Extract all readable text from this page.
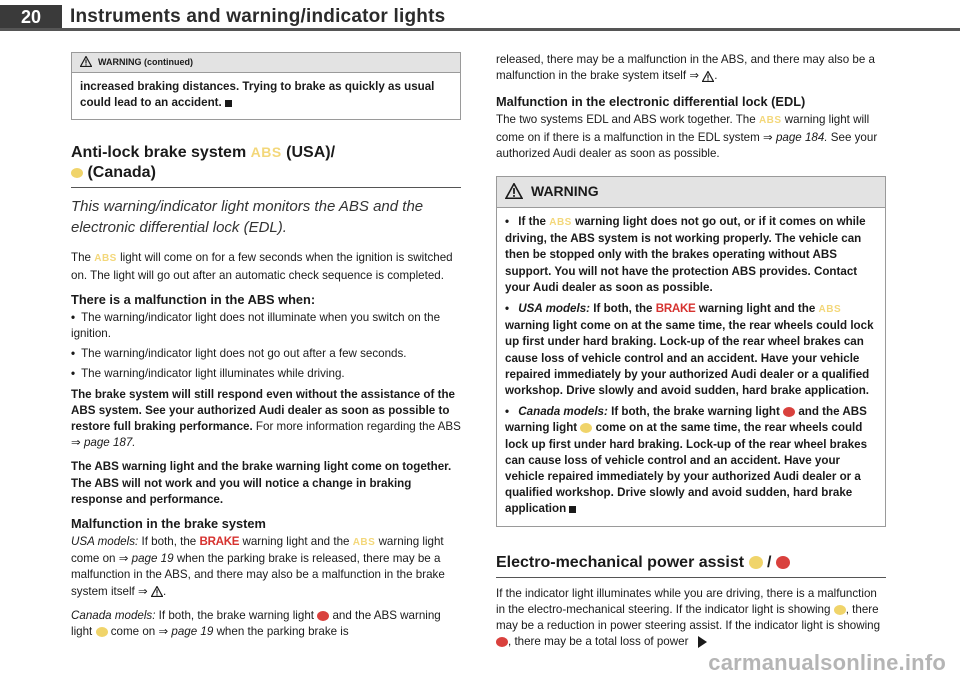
20	Instruments and warning/indicator lights
WARNING (continued)
increased braking distances. Trying to brake as quickly as usual could lead to an accident.
Anti-lock brake system ABS (USA)/
(Canada)

This warning/indicator light monitors the ABS and the electronic differential lock (EDL).

The ABS light will come on for a few seconds when the ignition is switched on. The light will go out after an automatic check sequence is completed.

There is a malfunction in the ABS when:

• The warning/indicator light does not illuminate when you switch on the ignition.

• The warning/indicator light does not go out after a few seconds.

• The warning/indicator light illuminates while driving.

The brake system will still respond even without the assistance of the ABS system. See your authorized Audi dealer as soon as possible to restore full braking performance. For more information regarding the ABS ⇒ page 187.

The ABS warning light and the brake warning light come on together. The ABS will not work and you will notice a change in braking response and performance.

Malfunction in the brake system

USA models: If both, the BRAKE warning light and the ABS warning light come on ⇒ page 19 when the parking brake is released, there may be a malfunction in the ABS, and there may also be a malfunction in the brake system itself ⇒ .

Canada models: If both, the brake warning light and the ABS warning light come on ⇒ page 19 when the parking brake is

released, there may be a malfunction in the ABS, and there may also be a malfunction in the brake system itself ⇒ .

Malfunction in the electronic differential lock (EDL)

The two systems EDL and ABS work together. The ABS warning light will come on if there is a malfunction in the EDL system ⇒ page 184. See your authorized Audi dealer as soon as possible.

WARNING

• If the ABS warning light does not go out, or if it comes on while driving, the ABS system is not working properly. The vehicle can then be stopped only with the brakes operating without ABS support. You will not have the protection ABS provides. Contact your Audi dealer as soon as possible.

• USA models: If both, the BRAKE warning light and the ABS warning light come on at the same time, the rear wheels could lock up first under hard braking. Lock-up of the rear wheel brakes can cause loss of vehicle control and an accident. Have your vehicle repaired immediately by your authorized Audi dealer or a qualified workshop. Drive slowly and avoid sudden, hard brake application.

• Canada models: If both, the brake warning light and the ABS warning light come on at the same time, the rear wheels could lock up first under hard braking. Lock-up of the rear wheel brakes can cause loss of vehicle control and an accident. Have your vehicle repaired immediately by your authorized Audi dealer or a qualified workshop. Drive slowly and avoid sudden, hard brake application

Electro-mechanical power assist /

If the indicator light illuminates while you are driving, there is a malfunction in the electro-mechanical steering. If the indicator light is showing , there may be a reduction in power steering assist. If the indicator light is showing , there may be a total loss of power

carmanualsonline.info
